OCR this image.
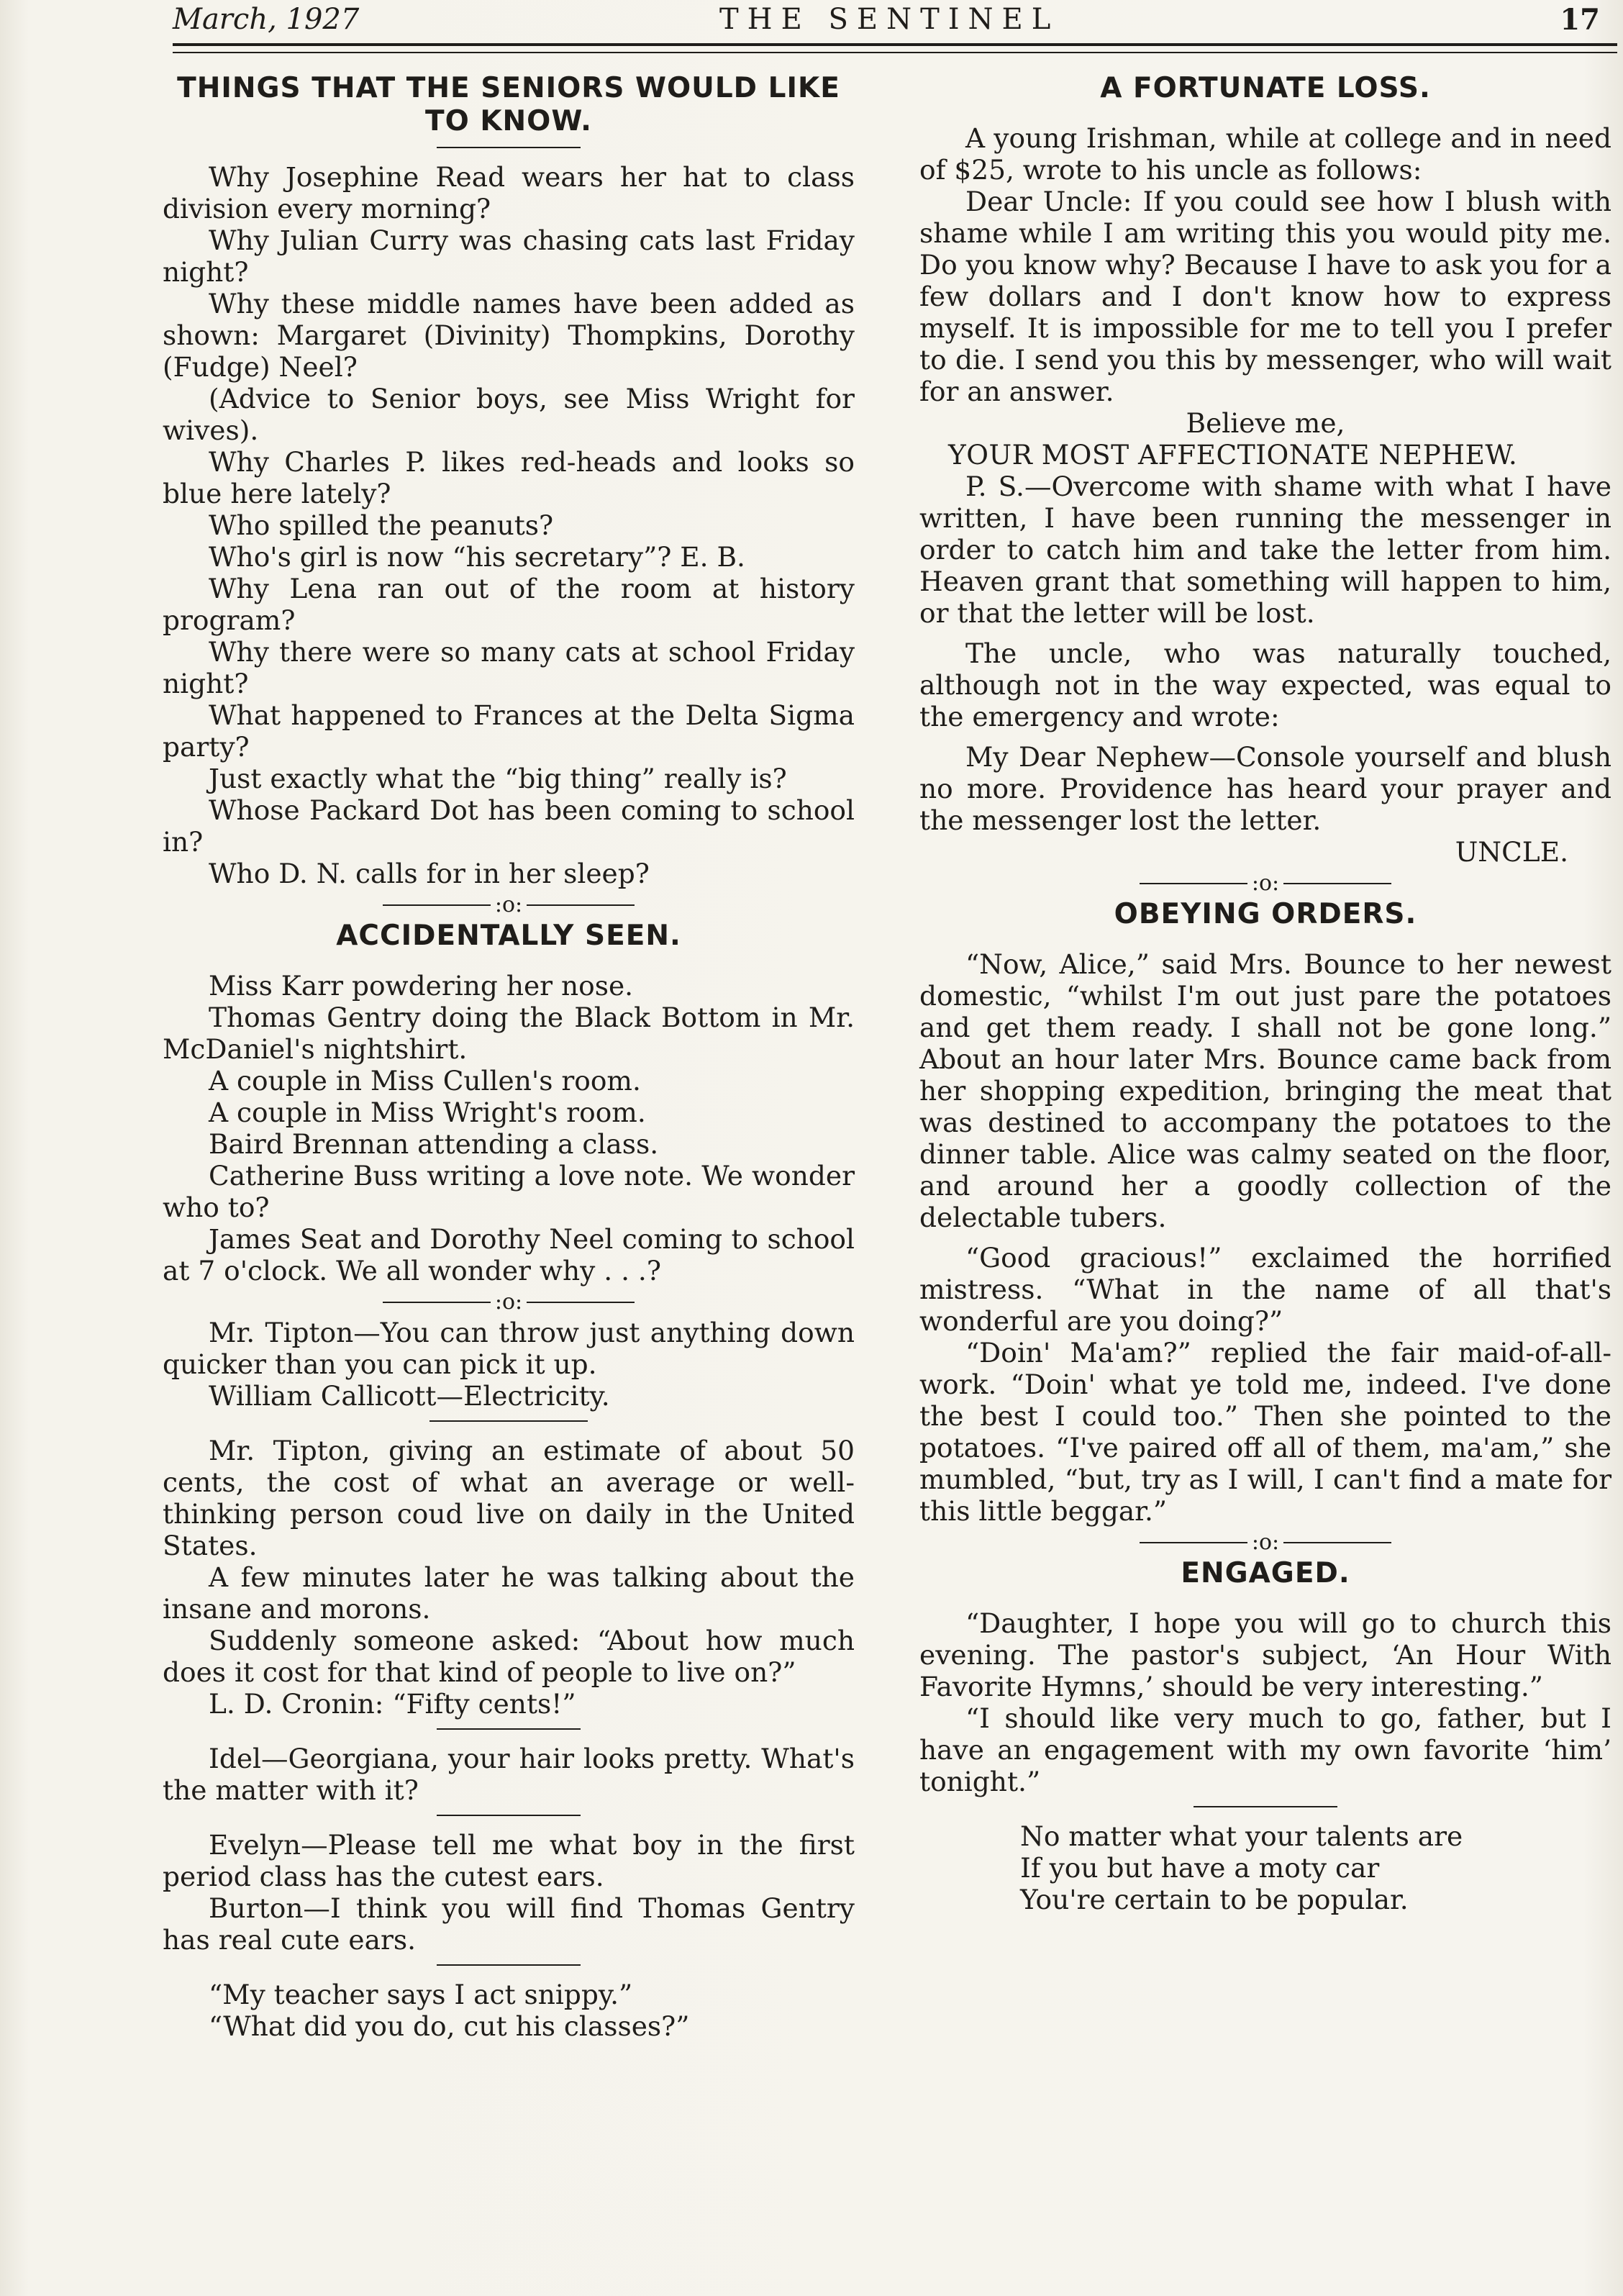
March, 1927	THE SENTINEL	17
THINGS THAT THE SENIORS WOULD LIKE TO KNOW.

Why Josephine Read wears her hat to class division every morning?

Why Julian Curry was chasing cats last Friday night?

Why these middle names have been added as shown: Margaret (Divinity) Thompkins, Dorothy (Fudge) Neel?

(Advice to Senior boys, see Miss Wright for wives).

Why Charles P. likes red-heads and looks so blue here lately?

Who spilled the peanuts?

Who's girl is now “his secretary”? E. B.

Why Lena ran out of the room at history program?

Why there were so many cats at school Friday night?

What happened to Frances at the Delta Sigma party?

Just exactly what the “big thing” really is?

Whose Packard Dot has been coming to school in?

Who D. N. calls for in her sleep?

:o:
ACCIDENTALLY SEEN.

Miss Karr powdering her nose.

Thomas Gentry doing the Black Bottom in Mr. McDaniel's nightshirt.

A couple in Miss Cullen's room.

A couple in Miss Wright's room.

Baird Brennan attending a class.

Catherine Buss writing a love note. We wonder who to?

James Seat and Dorothy Neel coming to school at 7 o'clock. We all wonder why . . .?

:o:

Mr. Tipton—You can throw just anything down quicker than you can pick it up.

William Callicott—Electricity.

Mr. Tipton, giving an estimate of about 50 cents, the cost of what an average or well-thinking person coud live on daily in the United States.

A few minutes later he was talking about the insane and morons.

Suddenly someone asked: “About how much does it cost for that kind of people to live on?”

L. D. Cronin: “Fifty cents!”

Idel—Georgiana, your hair looks pretty. What's the matter with it?

Evelyn—Please tell me what boy in the first period class has the cutest ears.

Burton—I think you will find Thomas Gentry has real cute ears.

“My teacher says I act snippy.”

“What did you do, cut his classes?”

A FORTUNATE LOSS.

A young Irishman, while at college and in need of $25, wrote to his uncle as follows:

Dear Uncle: If you could see how I blush with shame while I am writing this you would pity me. Do you know why? Because I have to ask you for a few dollars and I don't know how to express myself. It is impossible for me to tell you I prefer to die. I send you this by messenger, who will wait for an answer.

Believe me,

YOUR MOST AFFECTIONATE NEPHEW.

P. S.—Overcome with shame with what I have written, I have been running the messenger in order to catch him and take the letter from him. Heaven grant that something will happen to him, or that the letter will be lost.

The uncle, who was naturally touched, although not in the way expected, was equal to the emergency and wrote:

My Dear Nephew—Console yourself and blush no more. Providence has heard your prayer and the messenger lost the letter.

UNCLE.

:o:
OBEYING ORDERS.

“Now, Alice,” said Mrs. Bounce to her newest domestic, “whilst I'm out just pare the potatoes and get them ready. I shall not be gone long.” About an hour later Mrs. Bounce came back from her shopping expedition, bringing the meat that was destined to accompany the potatoes to the dinner table. Alice was calmy seated on the floor, and around her a goodly collection of the delectable tubers.

“Good gracious!” exclaimed the horrified mistress. “What in the name of all that's wonderful are you doing?”

“Doin' Ma'am?” replied the fair maid-of-all-work. “Doin' what ye told me, indeed. I've done the best I could too.” Then she pointed to the potatoes. “I've paired off all of them, ma'am,” she mumbled, “but, try as I will, I can't find a mate for this little beggar.”

:o:
ENGAGED.

“Daughter, I hope you will go to church this evening. The pastor's subject, ‘An Hour With Favorite Hymns,’ should be very interesting.”

“I should like very much to go, father, but I have an engagement with my own favorite ‘him’ tonight.”

No matter what your talents are
If you but have a moty car
You're certain to be popular.
